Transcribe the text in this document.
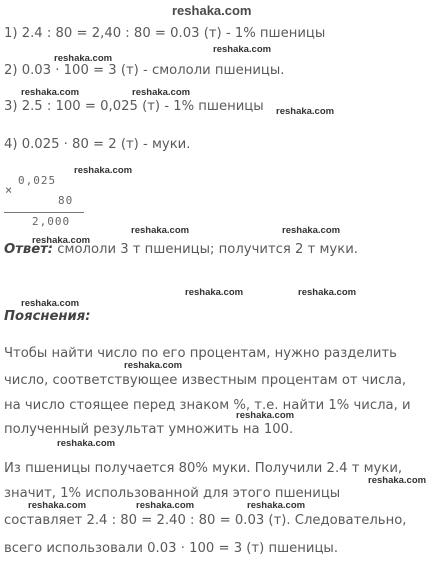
reshaka.com
1) 2.4 : 80 = 2,40 : 80 = 0.03 (т) - 1% пшеницы
2) 0.03 · 100 = 3 (т) - смололи пшеницы.
3) 2.5 : 100 = 0,025 (т) - 1% пшеницы
4) 0.025 · 80 = 2 (т) - муки.
×
0,025
80
2,000
Ответ: смололи 3 т пшеницы; получится 2 т муки.
Пояснения:
Чтобы найти число по его процентам, нужно разделить
число, соответствующее известным процентам от числа,
на число стоящее перед знаком %, т.е. найти 1% числа, и
полученный результат умножить на 100.
Из пшеницы получается 80% муки. Получили 2.4 т муки,
значит, 1% использованной для этого пшеницы
составляет 2.4 : 80 = 2.40 : 80 = 0.03 (т). Следовательно,
всего использовали 0.03 · 100 = 3 (т) пшеницы.
reshaka.com
reshaka.com
reshaka.com	reshaka.com
reshaka.com
reshaka.com
reshaka.com	reshaka.com
reshaka.com
reshaka.com	reshaka.com
reshaka.com
reshaka.com
reshaka.com
reshaka.com
reshaka.com
reshaka.com	reshaka.com	reshaka.com
